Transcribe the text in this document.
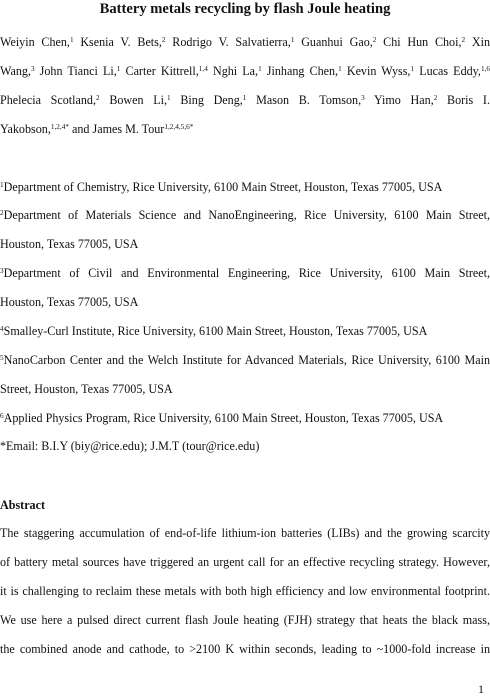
Battery metals recycling by flash Joule heating
Weiyin Chen,$^1$ Ksenia V. Bets,$^2$ Rodrigo V. Salvatierra,$^1$ Guanhui Gao,$^2$ Chi Hun Choi,$^2$ Xin
Wang,$^3$ John Tianci Li,$^1$ Carter Kittrell,$^{1,4}$ Nghi La,$^1$ Jinhang Chen,$^1$ Kevin Wyss,$^1$ Lucas Eddy,$^{1,6}$
Phelecia Scotland,$^2$ Bowen Li,$^1$ Bing Deng,$^1$ Mason B. Tomson,$^3$ Yimo Han,$^2$ Boris I.
Yakobson,$^{1,2,4*}$ and James M. Tour$^{1,2,4,5,6*}$
$^1$Department of Chemistry, Rice University, 6100 Main Street, Houston, Texas 77005, USA
$^2$Department of Materials Science and NanoEngineering, Rice University, 6100 Main Street,
Houston, Texas 77005, USA
$^3$Department of Civil and Environmental Engineering, Rice University, 6100 Main Street,
Houston, Texas 77005, USA
$^4$Smalley-Curl Institute, Rice University, 6100 Main Street, Houston, Texas 77005, USA
$^5$NanoCarbon Center and the Welch Institute for Advanced Materials, Rice University, 6100 Main
Street, Houston, Texas 77005, USA
$^6$Applied Physics Program, Rice University, 6100 Main Street, Houston, Texas 77005, USA
*Email: B.I.Y (biy@rice.edu); J.M.T (tour@rice.edu)
Abstract
The staggering accumulation of end-of-life lithium-ion batteries (LIBs) and the growing scarcity
of battery metal sources have triggered an urgent call for an effective recycling strategy. However,
it is challenging to reclaim these metals with both high efficiency and low environmental footprint.
We use here a pulsed direct current flash Joule heating (FJH) strategy that heats the black mass,
the combined anode and cathode, to >2100 K within seconds, leading to ~1000-fold increase in
1
